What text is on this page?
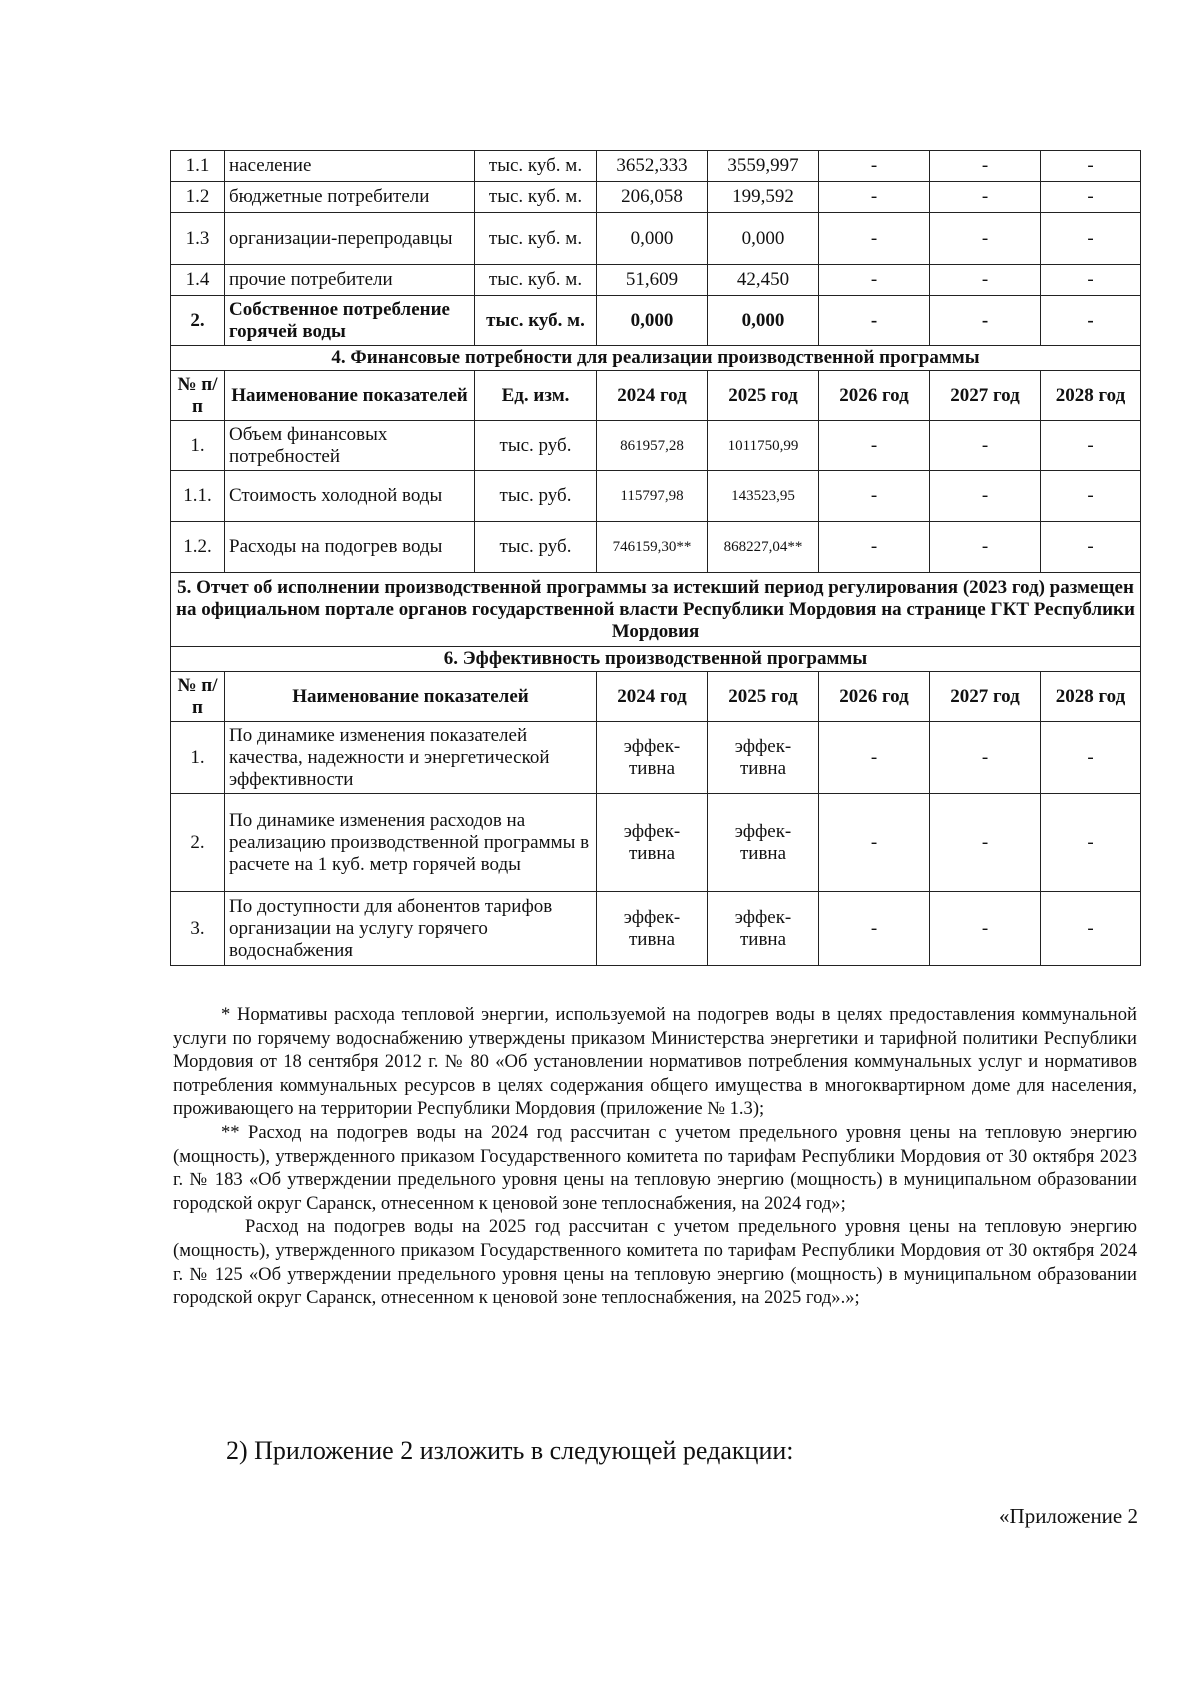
1.1	население	тыс. куб. м.	3652,333	3559,997	-	-	-
1.2	бюджетные потребители	тыс. куб. м.	206,058	199,592	-	-	-
1.3	организации-перепродавцы	тыс. куб. м.	0,000	0,000	-	-	-
1.4	прочие потребители	тыс. куб. м.	51,609	42,450	-	-	-
2.	Собственное потребление горячей воды	тыс. куб. м.	0,000	0,000	-	-	-
4. Финансовые потребности для реализации производственной программы							
№ п/п	Наименование показателей	Ед. изм.	2024 год	2025 год	2026 год	2027 год	2028 год
1.	Объем финансовых потребностей	тыс. руб.	861957,28	1011750,99	-	-	-
1.1.	Стоимость холодной воды	тыс. руб.	115797,98	143523,95	-	-	-
1.2.	Расходы на подогрев воды	тыс. руб.	746159,30**	868227,04**	-	-	-
5. Отчет об исполнении производственной программы за истекший период регулирования (2023 год) размещен на официальном портале органов государственной власти Республики Мордовия на странице ГКТ Республики Мордовия							
6. Эффективность производственной программы							
№ п/п	Наименование показателей		2024 год	2025 год	2026 год	2027 год	2028 год
1.	По динамике изменения показателей качества, надежности и энергетической эффективности		эффек-тивна	эффек-тивна	-	-	-
2.	По динамике изменения расходов на реализацию производственной программы в расчете на 1 куб. метр горячей воды		эффек-тивна	эффек-тивна	-	-	-
3.	По доступности для абонентов тарифов организации на услугу горячего водоснабжения		эффек-тивна	эффек-тивна	-	-	-

* Нормативы расхода тепловой энергии, используемой на подогрев воды в целях предоставления коммунальной услуги по горячему водоснабжению утверждены приказом Министерства энергетики и тарифной политики Республики Мордовия от 18 сентября 2012 г. № 80 «Об установлении нормативов потребления коммунальных услуг и нормативов потребления коммунальных ресурсов в целях содержания общего имущества в многоквартирном доме для населения, проживающего на территории Республики Мордовия (приложение № 1.3);

** Расход на подогрев воды на 2024 год рассчитан с учетом предельного уровня цены на тепловую энергию (мощность), утвержденного приказом Государственного комитета по тарифам Республики Мордовия от 30 октября 2023 г. № 183 «Об утверждении предельного уровня цены на тепловую энергию (мощность) в муниципальном образовании городской округ Саранск, отнесенном к ценовой зоне теплоснабжения, на 2024 год»;

Расход на подогрев воды на 2025 год рассчитан с учетом предельного уровня цены на тепловую энергию (мощность), утвержденного приказом Государственного комитета по тарифам Республики Мордовия от 30 октября 2024 г. № 125 «Об утверждении предельного уровня цены на тепловую энергию (мощность) в муниципальном образовании городской округ Саранск, отнесенном к ценовой зоне теплоснабжения, на 2025 год».»;

2) Приложение 2 изложить в следующей редакции:
«Приложение 2
